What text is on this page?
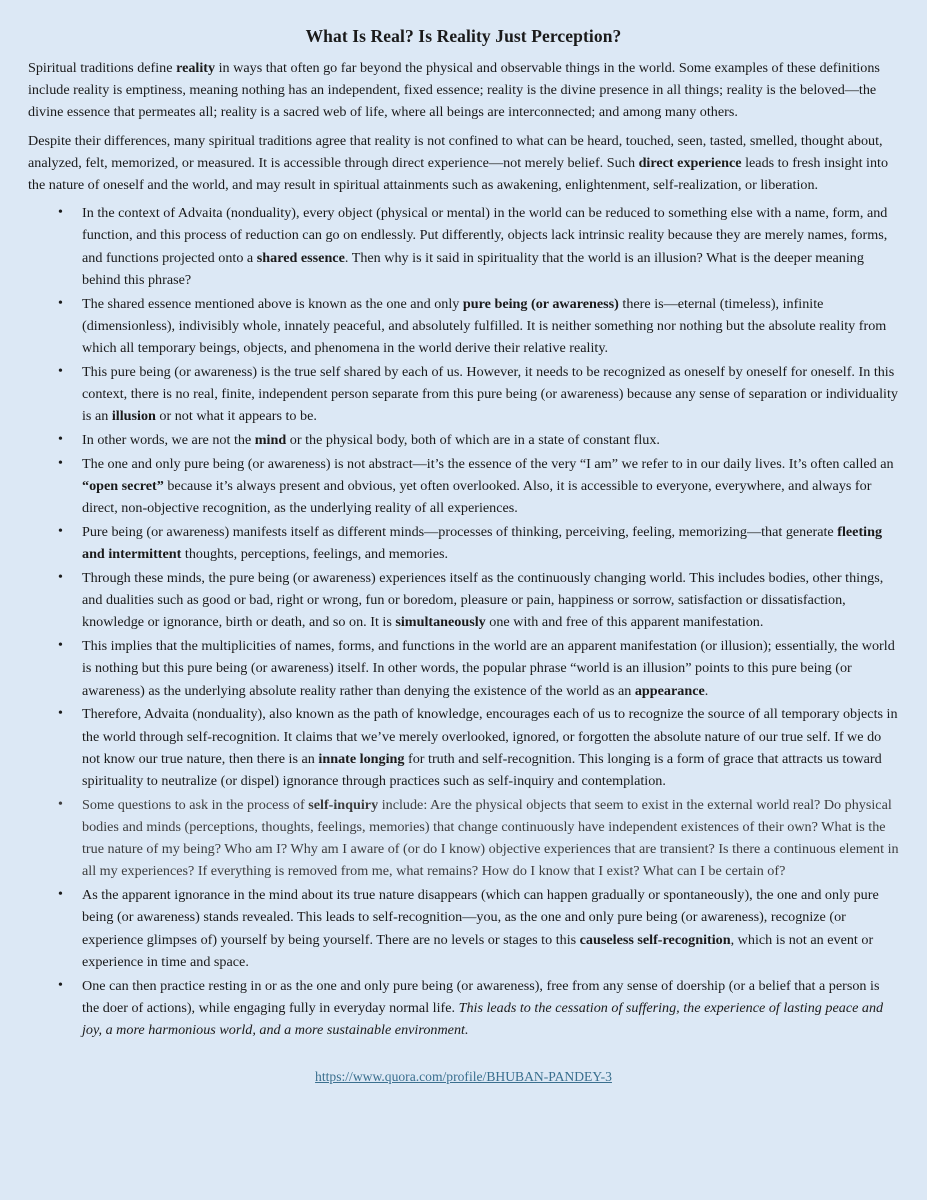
What Is Real? Is Reality Just Perception?

Spiritual traditions define reality in ways that often go far beyond the physical and observable things in the world. Some examples of these definitions include reality is emptiness, meaning nothing has an independent, fixed essence; reality is the divine presence in all things; reality is the beloved—the divine essence that permeates all; reality is a sacred web of life, where all beings are interconnected; and among many others.

Despite their differences, many spiritual traditions agree that reality is not confined to what can be heard, touched, seen, tasted, smelled, thought about, analyzed, felt, memorized, or measured. It is accessible through direct experience—not merely belief. Such direct experience leads to fresh insight into the nature of oneself and the world, and may result in spiritual attainments such as awakening, enlightenment, self-realization, or liberation.

• In the context of Advaita (nonduality), every object (physical or mental) in the world can be reduced to something else with a name, form, and function, and this process of reduction can go on endlessly. Put differently, objects lack intrinsic reality because they are merely names, forms, and functions projected onto a shared essence. Then why is it said in spirituality that the world is an illusion? What is the deeper meaning behind this phrase?
• The shared essence mentioned above is known as the one and only pure being (or awareness) there is—eternal (timeless), infinite (dimensionless), indivisibly whole, innately peaceful, and absolutely fulfilled. It is neither something nor nothing but the absolute reality from which all temporary beings, objects, and phenomena in the world derive their relative reality.
• This pure being (or awareness) is the true self shared by each of us. However, it needs to be recognized as oneself by oneself for oneself. In this context, there is no real, finite, independent person separate from this pure being (or awareness) because any sense of separation or individuality is an illusion or not what it appears to be.
• In other words, we are not the mind or the physical body, both of which are in a state of constant flux.
• The one and only pure being (or awareness) is not abstract—it’s the essence of the very “I am” we refer to in our daily lives. It’s often called an “open secret” because it’s always present and obvious, yet often overlooked. Also, it is accessible to everyone, everywhere, and always for direct, non-objective recognition, as the underlying reality of all experiences.
• Pure being (or awareness) manifests itself as different minds—processes of thinking, perceiving, feeling, memorizing—that generate fleeting and intermittent thoughts, perceptions, feelings, and memories.
• Through these minds, the pure being (or awareness) experiences itself as the continuously changing world. This includes bodies, other things, and dualities such as good or bad, right or wrong, fun or boredom, pleasure or pain, happiness or sorrow, satisfaction or dissatisfaction, knowledge or ignorance, birth or death, and so on. It is simultaneously one with and free of this apparent manifestation.
• This implies that the multiplicities of names, forms, and functions in the world are an apparent manifestation (or illusion); essentially, the world is nothing but this pure being (or awareness) itself. In other words, the popular phrase “world is an illusion” points to this pure being (or awareness) as the underlying absolute reality rather than denying the existence of the world as an appearance.
• Therefore, Advaita (nonduality), also known as the path of knowledge, encourages each of us to recognize the source of all temporary objects in the world through self-recognition. It claims that we’ve merely overlooked, ignored, or forgotten the absolute nature of our true self. If we do not know our true nature, then there is an innate longing for truth and self-recognition. This longing is a form of grace that attracts us toward spirituality to neutralize (or dispel) ignorance through practices such as self-inquiry and contemplation.
• Some questions to ask in the process of self-inquiry include: Are the physical objects that seem to exist in the external world real? Do physical bodies and minds (perceptions, thoughts, feelings, memories) that change continuously have independent existences of their own? What is the true nature of my being? Who am I? Why am I aware of (or do I know) objective experiences that are transient? Is there a continuous element in all my experiences? If everything is removed from me, what remains? How do I know that I exist? What can I be certain of?
• As the apparent ignorance in the mind about its true nature disappears (which can happen gradually or spontaneously), the one and only pure being (or awareness) stands revealed. This leads to self-recognition—you, as the one and only pure being (or awareness), recognize (or experience glimpses of) yourself by being yourself. There are no levels or stages to this causeless self-recognition, which is not an event or experience in time and space.
• One can then practice resting in or as the one and only pure being (or awareness), free from any sense of doership (or a belief that a person is the doer of actions), while engaging fully in everyday normal life. This leads to the cessation of suffering, the experience of lasting peace and joy, a more harmonious world, and a more sustainable environment.
https://www.quora.com/profile/BHUBAN-PANDEY-3
